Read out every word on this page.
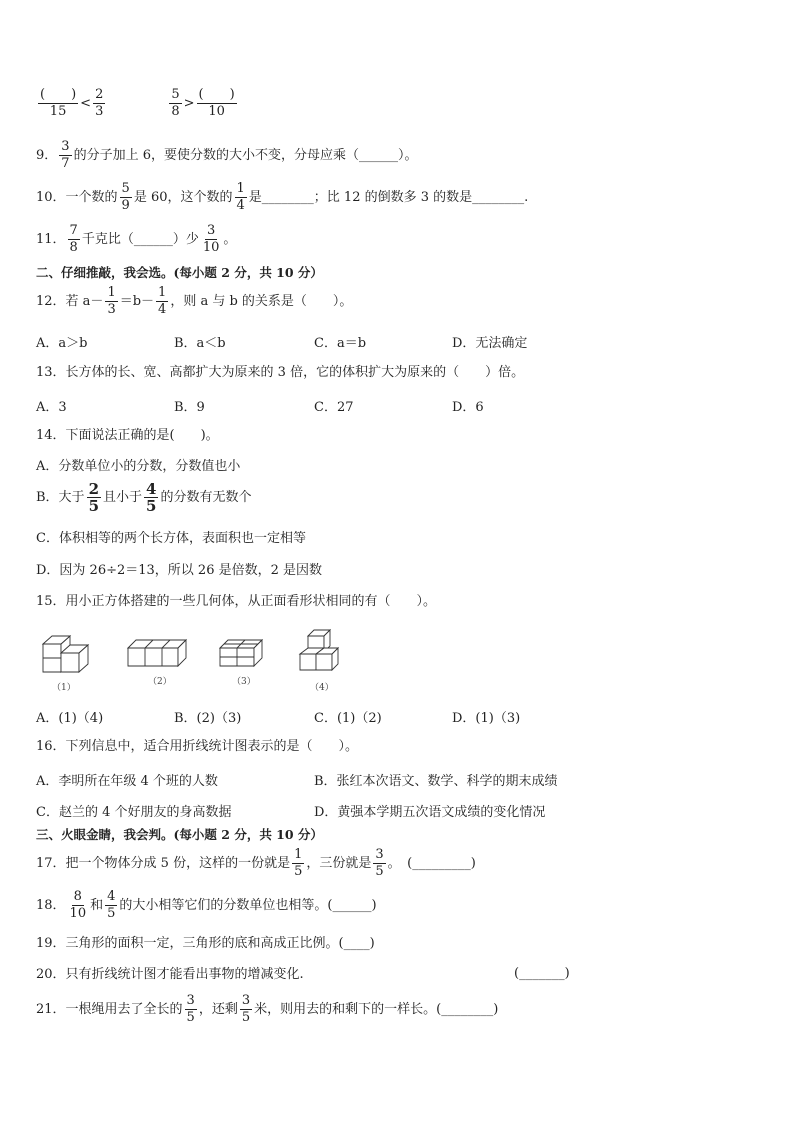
$\frac{( )}{15} < \frac{2}{3}$	$\frac{5}{8} > \frac{( )}{10}$
9． $\frac{3}{7}$ 的分子加上 6，要使分数的大小不变，分母应乘（______）。
10．一个数的 $\frac{5}{9}$ 是 60，这个数的 $\frac{1}{4}$ 是________；比 12 的倒数多 3 的数是________.
11． $\frac{7}{8}$ 千克比（______）少 $\frac{3}{10}$ 。
二、仔细推敲，我会选。(每小题 2 分，共 10 分）
12．若 $a- \frac{1}{3} =b- \frac{1}{4}$ ，则 a 与 b 的关系是（　　）。
A．a＞b	B．a＜b	C．a＝b	D．无法确定
13．长方体的长、宽、高都扩大为原来的 3 倍，它的体积扩大为原来的（　　）倍。
A．3	B．9	C．27	D．6
14．下面说法正确的是(　　)。
A．分数单位小的分数，分数值也小
B．大于 $\frac{2}{5}$ 且小于 $\frac{4}{5}$ 的分数有无数个
C．体积相等的两个长方体，表面积也一定相等
D．因为 26÷2＝13，所以 26 是倍数，2 是因数
15．用小正方体搭建的一些几何体，从正面看形状相同的有（　　）。
（1）
（2）	（3）
（4）
A．(1)（4)	B．(2)（3)	C．(1)（2)	D．(1)（3)
16．下列信息中，适合用折线统计图表示的是（　　）。
A．李明所在年级 4 个班的人数	B．张红本次语文、数学、科学的期末成绩
C．赵兰的 4 个好朋友的身高数据	D．黄强本学期五次语文成绩的变化情况
三、火眼金睛，我会判。(每小题 2 分，共 10 分）
17．把一个物体分成 5 份，这样的一份就是 $\frac{1}{5}$ ，三份就是 $\frac{3}{5}$ 。　(_________)
18． $\frac{8}{10}$ 和 $\frac{4}{5}$ 的大小相等它们的分数单位也相等。(______)
19．三角形的面积一定，三角形的底和高成正比例。(____)
20．只有折线统计图才能看出事物的增减变化.	(_______)
21．一根绳用去了全长的 $\frac{3}{5}$ ，还剩 $\frac{3}{5}$ 米，则用去的和剩下的一样长。(________)
